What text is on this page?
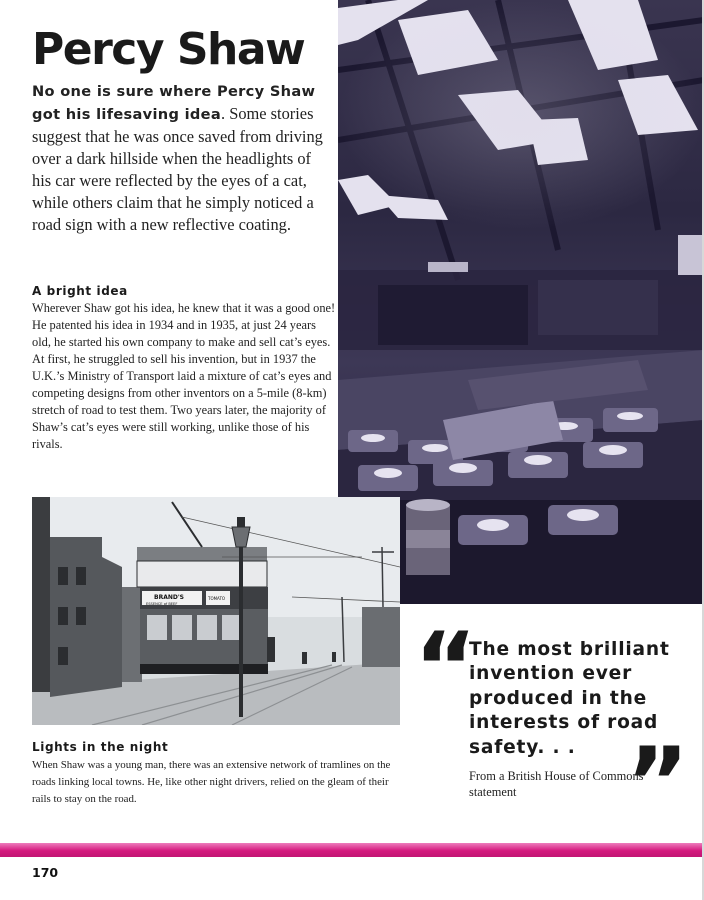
Percy Shaw
No one is sure where Percy Shaw got his lifesaving idea. Some stories suggest that he was once saved from driving over a dark hillside when the headlights of his car were reflected by the eyes of a cat, while others claim that he simply noticed a road sign with a new reflective coating.
A bright idea
Wherever Shaw got his idea, he knew that it was a good one! He patented his idea in 1934 and in 1935, at just 24 years old, he started his own company to make and sell cat’s eyes. At first, he struggled to sell his invention, but in 1937 the U.K.’s Ministry of Transport laid a mixture of cat’s eyes and competing designs from other inventors on a 5-mile (8-km) stretch of road to test them. Two years later, the majority of Shaw’s cat’s eyes were still working, unlike those of his rivals.
BRAND'S
ESSENCE of BEEF
TOMATO
Lights in the night
When Shaw was a young man, there was an extensive network of tramlines on the roads linking local towns. He, like other night drivers, relied on the gleam of their rails to stay on the road.
“
The most brilliant invention ever produced in the interests of road safety. . . ”
From a British House of Commons statement
170
